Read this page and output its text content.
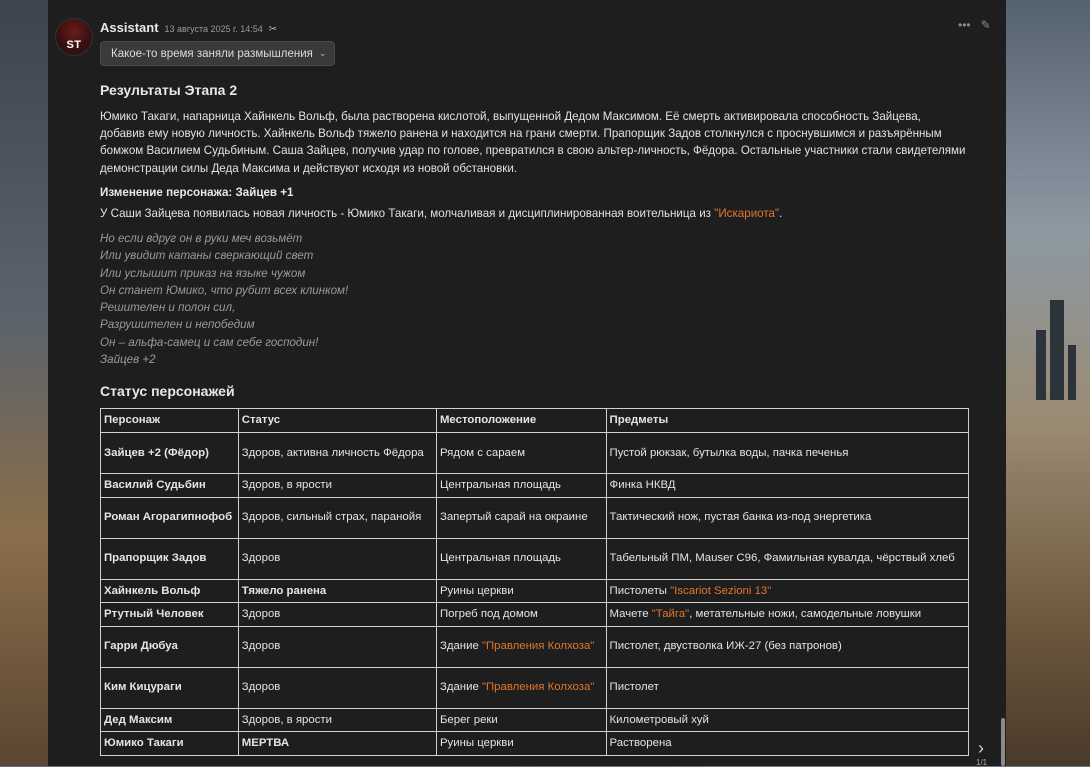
ST
Assistant 13 августа 2025 г. 14:54 ✂	••• ✎
Какое-то время заняли размышления ⌄
Результаты Этапа 2

Юмико Такаги, напарница Хайнкель Вольф, была растворена кислотой, выпущенной Дедом Максимом. Её смерть активировала способность Зайцева, добавив ему новую личность. Хайнкель Вольф тяжело ранена и находится на грани смерти. Прапорщик Задов столкнулся с проснувшимся и разъярённым бомжом Василием Судьбиным. Саша Зайцев, получив удар по голове, превратился в свою альтер-личность, Фёдора. Остальные участники стали свидетелями демонстрации силы Деда Максима и действуют исходя из новой обстановки.

Изменение персонажа: Зайцев +1
У Саши Зайцева появилась новая личность - Юмико Такаги, молчаливая и дисциплинированная воительница из "Искариота".
Но если вдруг он в руки меч возьмёт
Или увидит катаны сверкающий свет
Или услышит приказ на языке чужом
Он станет Юмико, что рубит всех клинком!
Решителен и полон сил,
Разрушителен и непобедим
Он – альфа-самец и сам себе господин!
Зайцев +2
Статус персонажей
Персонаж	Статус	Местоположение	Предметы
Зайцев +2 (Фёдор)	Здоров, активна личность Фёдора	Рядом с сараем	Пустой рюкзак, бутылка воды, пачка печенья
Василий Судьбин	Здоров, в ярости	Центральная площадь	Финка НКВД
Роман Агорагипнофоб	Здоров, сильный страх, паранойя	Запертый сарай на окраине	Тактический нож, пустая банка из-под энергетика
Прапорщик Задов	Здоров	Центральная площадь	Табельный ПМ, Mauser C96, Фамильная кувалда, чёрствый хлеб
Хайнкель Вольф	Тяжело ранена	Руины церкви	Пистолеты "Iscariot Sezioni 13"
Ртутный Человек	Здоров	Погреб под домом	Мачете "Тайга", метательные ножи, самодельные ловушки
Гарри Дюбуа	Здоров	Здание "Правления Колхоза"	Пистолет, двустволка ИЖ-27 (без патронов)
Ким Кицураги	Здоров	Здание "Правления Колхоза"	Пистолет
Дед Максим	Здоров, в ярости	Берег реки	Километровый хуй
Юмико Такаги	МЕРТВА	Руины церкви	Растворена	›
1/1
